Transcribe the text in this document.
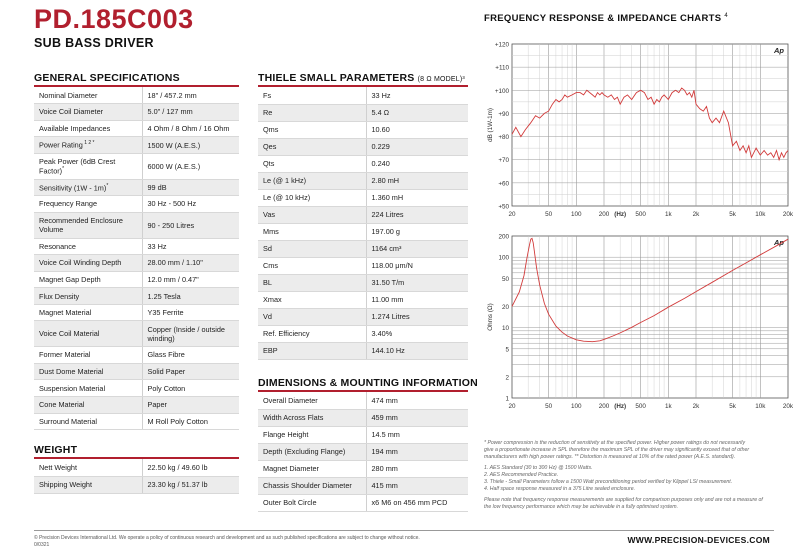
PD.185C003
SUB BASS DRIVER
GENERAL SPECIFICATIONS
Nominal Diameter	18" / 457.2 mm
Voice Coil Diameter	5.0" / 127 mm
Available Impedances	4 Ohm / 8 Ohm / 16 Ohm
Power Rating $^{1 2 *}$	1500 W (A.E.S.)
Peak Power (6dB Crest Factor)*	6000 W (A.E.S.)
Sensitivity (1W - 1m)*	99 dB
Frequency Range	30 Hz - 500 Hz
Recommended Enclosure Volume	90 - 250 Litres
Resonance	33 Hz
Voice Coil Winding Depth	28.00 mm / 1.10"
Magnet Gap Depth	12.0 mm / 0.47"
Flux Density	1.25 Tesla
Magnet Material	Y35 Ferrite
Voice Coil Material	Copper (Inside / outside winding)
Former Material	Glass Fibre
Dust Dome Material	Solid Paper
Suspension Material	Poly Cotton
Cone Material	Paper
Surround Material	M Roll Poly Cotton
WEIGHT
Nett Weight	22.50 kg / 49.60 lb
Shipping Weight	23.30 kg / 51.37 lb
THIELE SMALL PARAMETERS (8 Ω MODEL)³
Fs	33 Hz
Re	5.4 Ω
Qms	10.60
Qes	0.229
Qts	0.240
Le (@ 1 kHz)	2.80 mH
Le (@ 10 kHz)	1.360 mH
Vas	224 Litres
Mms	197.00 g
Sd	1164 cm³
Cms	118.00 μm/N
BL	31.50 T/m
Xmax	11.00 mm
Vd	1.274 Litres
Ref. Efficiency	3.40%
EBP	144.10 Hz
DIMENSIONS & MOUNTING INFORMATION
Overall Diameter	474 mm
Width Across Flats	459 mm
Flange Height	14.5 mm
Depth (Excluding Flange)	194 mm
Magnet Diameter	280 mm
Chassis Shoulder Diameter	415 mm
Outer Bolt Circle	x6 M6 on 456 mm PCD
FREQUENCY RESPONSE & IMPEDANCE CHARTS $^4$
+50
+60
+70
+80
+90
+100
+110
+120
20	50	100	200 (Hz) 500	1k	2k	5k	10k	20k
dB (1W-1m)
Ap
1
2
5
10
20
50
100
200
20	50	100	200 (Hz) 500	1k	2k	5k	10k	20k
Ohms (Ω)
Ap
* Power compression is the reduction of sensitivity at the specified power. Higher power ratings do not necessarily
give a proportionate increase in SPL therefore the maximum SPL of the driver may significantly exceed that of other
manufacturers with high power ratings. ** Distortion is measured at 10% of the rated power (A.E.S. standard).
1. AES Standard (30 to 300 Hz) @ 1500 Watts.
2. AES Recommended Practice.
3. Thiele - Small Parameters follow a 1500 Watt preconditioning period verified by Klippel LSI measurement.
4. Half space response measured in a 375 Litre sealed enclosure.
Please note that frequency response measurements are supplied for comparison purposes only and are not a measure of
the low frequency performance which may be achievable in a fully optimised system.
© Precision Devices International Ltd. We operate a policy of continuous research and development and as such published specifications are subject to change without notice.
0/0321	WWW.PRECISION-DEVICES.COM
